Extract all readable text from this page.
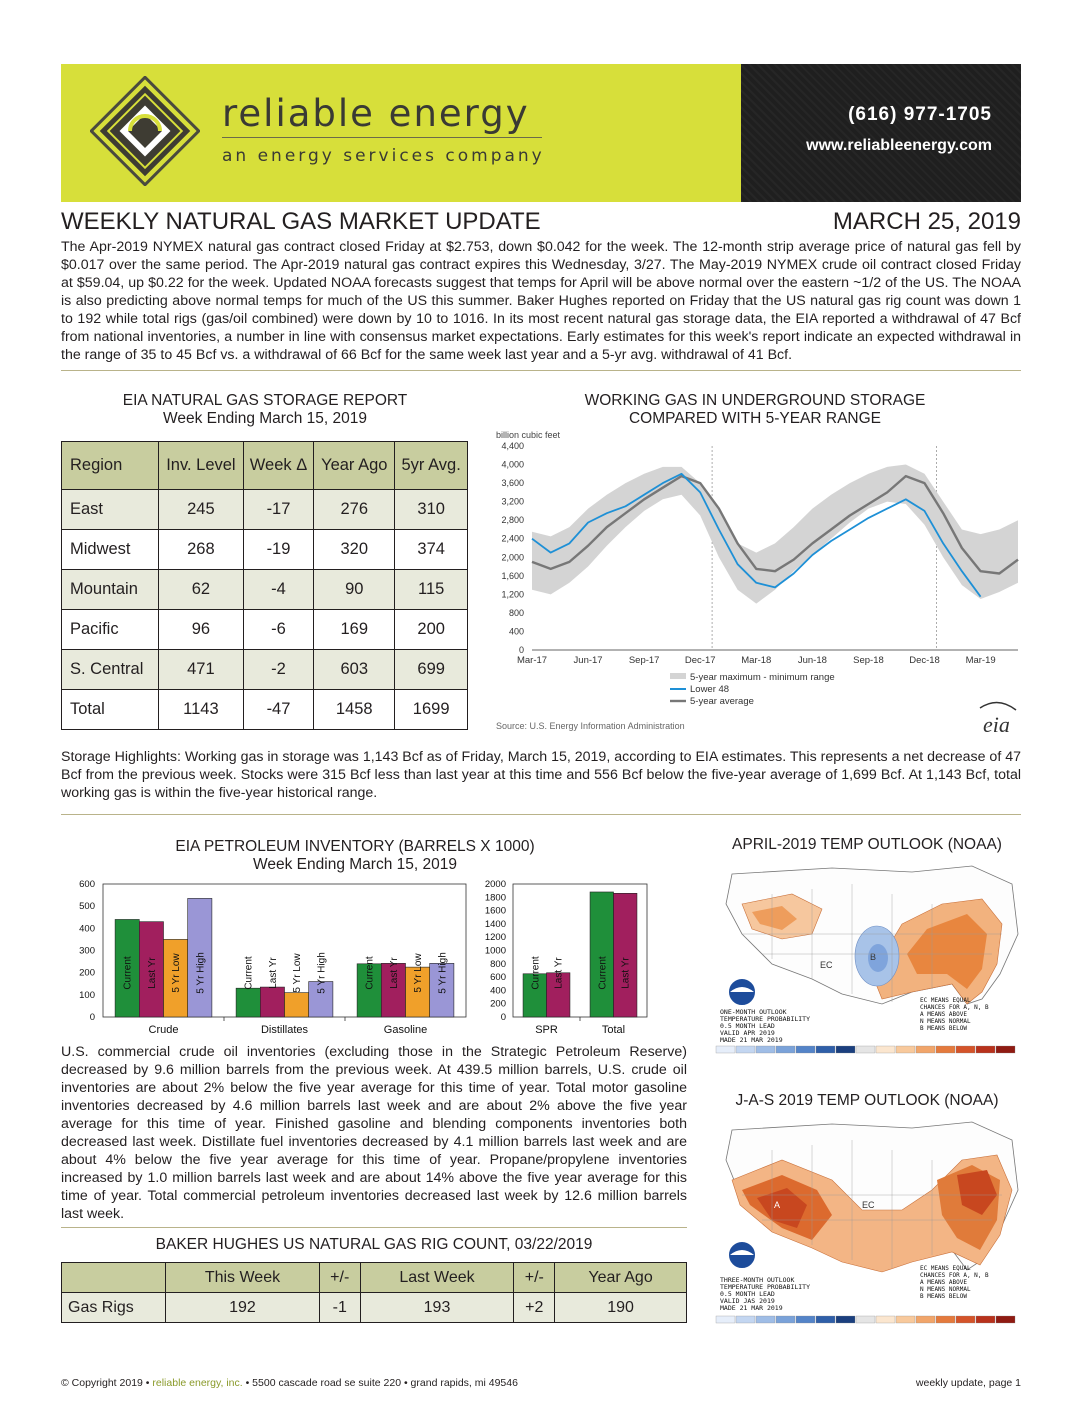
reliable energy
an energy services company
(616) 977-1705
www.reliableenergy.com
WEEKLY NATURAL GAS MARKET UPDATE	MARCH 25, 2019
The Apr-2019 NYMEX natural gas contract closed Friday at $2.753, down $0.042 for the week. The 12-month strip average price of natural gas fell by $0.017 over the same period. The Apr-2019 natural gas contract expires this Wednesday, 3/27. The May-2019 NYMEX crude oil contract closed Friday at $59.04, up $0.22 for the week. Updated NOAA forecasts suggest that temps for April will be above normal over the eastern ~1/2 of the US. The NOAA is also predicting above normal temps for much of the US this summer. Baker Hughes reported on Friday that the US natural gas rig count was down 1 to 192 while total rigs (gas/oil combined) were down by 10 to 1016. In its most recent natural gas storage data, the EIA reported a withdrawal of 47 Bcf from national inventories, a number in line with consensus market expectations. Early estimates for this week's report indicate an expected withdrawal in the range of 35 to 45 Bcf vs. a withdrawal of 66 Bcf for the same week last year and a 5-yr avg. withdrawal of 41 Bcf.
EIA NATURAL GAS STORAGE REPORT
Week Ending March 15, 2019
Region	Inv. Level	Week Δ	Year Ago	5yr Avg.
East	245	-17	276	310
Midwest	268	-19	320	374
Mountain	62	-4	90	115
Pacific	96	-6	169	200
S. Central	471	-2	603	699
Total	1143	-47	1458	1699
WORKING GAS IN UNDERGROUND STORAGE
COMPARED WITH 5-YEAR RANGE
billion cubic feet
4,400
4,000
3,600
3,200
2,800
2,400
2,000
1,600
1,200
800
400
0
Mar-17	Jun-17	Sep-17	Dec-17	Mar-18	Jun-18	Sep-18	Dec-18	Mar-19
5-year maximum - minimum range
Lower 48
5-year average
Source: U.S. Energy Information Administration	eia
Storage Highlights: Working gas in storage was 1,143 Bcf as of Friday, March 15, 2019, according to EIA estimates. This represents a net decrease of 47 Bcf from the previous week. Stocks were 315 Bcf less than last year at this time and 556 Bcf below the five-year average of 1,699 Bcf. At 1,143 Bcf, total working gas is within the five-year historical range.
EIA PETROLEUM INVENTORY (BARRELS X 1000)
Week Ending March 15, 2019
600
500
400
300
200
100
0
Current Last Yr 5 Yr Low 5 Yr High
Crude
Current Last Yr 5 Yr Low 5 Yr High
Distillates
Current Last Yr 5 Yr Low 5 Yr High
Gasoline
2000
1800
1600
1400
1200
1000
800
600
400
200
0
Current Last Yr
SPR
Current Last Yr
Total
U.S. commercial crude oil inventories (excluding those in the Strategic Petroleum Reserve) decreased by 9.6 million barrels from the previous week. At 439.5 million barrels, U.S. crude oil inventories are about 2% below the five year average for this time of year. Total motor gasoline inventories decreased by 4.6 million barrels last week and are about 2% above the five year average for this time of year. Finished gasoline and blending components inventories both decreased last week. Distillate fuel inventories decreased by 4.1 million barrels last week and are about 4% below the five year average for this time of year. Propane/propylene inventories increased by 1.0 million barrels last week and are about 14% above the five year average for this time of year. Total commercial petroleum inventories decreased last week by 12.6 million barrels last week.
BAKER HUGHES US NATURAL GAS RIG COUNT, 03/22/2019
	This Week	+/-	Last Week	+/-	Year Ago
Gas Rigs	192	-1	193	+2	190
APRIL-2019 TEMP OUTLOOK (NOAA)
B
EC
ONE-MONTH OUTLOOK
TEMPERATURE PROBABILITY
0.5 MONTH LEAD
VALID APR 2019
MADE 21 MAR 2019
EC MEANS EQUAL
CHANCES FOR A, N, B
A MEANS ABOVE
N MEANS NORMAL
B MEANS BELOW
J-A-S 2019 TEMP OUTLOOK (NOAA)
EC
A
THREE-MONTH OUTLOOK
TEMPERATURE PROBABILITY
0.5 MONTH LEAD
VALID JAS 2019
MADE 21 MAR 2019
EC MEANS EQUAL
CHANCES FOR A, N, B
A MEANS ABOVE
N MEANS NORMAL
B MEANS BELOW
© Copyright 2019 • reliable energy, inc. • 5500 cascade road se suite 220 • grand rapids, mi 49546	weekly update, page 1
